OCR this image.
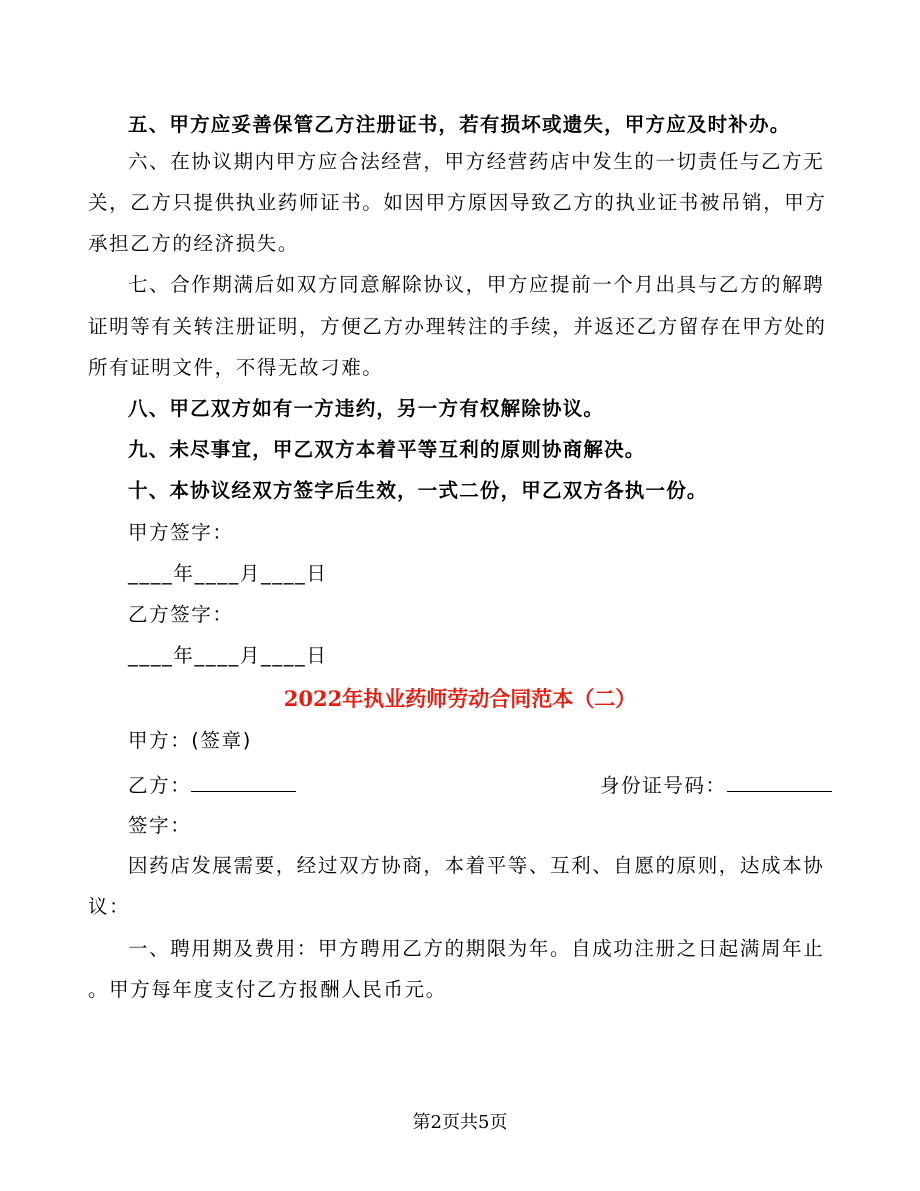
五、甲方应妥善保管乙方注册证书，若有损坏或遗失，甲方应及时补办。
六、在协议期内甲方应合法经营，甲方经营药店中发生的一切责任与乙方无
关，乙方只提供执业药师证书。如因甲方原因导致乙方的执业证书被吊销，甲方
承担乙方的经济损失。
七、合作期满后如双方同意解除协议，甲方应提前一个月出具与乙方的解聘
证明等有关转注册证明，方便乙方办理转注的手续，并返还乙方留存在甲方处的
所有证明文件，不得无故刁难。
八、甲乙双方如有一方违约，另一方有权解除协议。
九、未尽事宜，甲乙双方本着平等互利的原则协商解决。
十、本协议经双方签字后生效，一式二份，甲乙双方各执一份。
甲方签字：
____年____月____日
乙方签字：
____年____月____日
2022年执业药师劳动合同范本（二）
甲方：(签章)
乙方：	身份证号码：
签字：
因药店发展需要，经过双方协商，本着平等、互利、自愿的原则，达成本协
议：
一、聘用期及费用：甲方聘用乙方的期限为年。自成功注册之日起满周年止
。甲方每年度支付乙方报酬人民币元。
第2页共5页
